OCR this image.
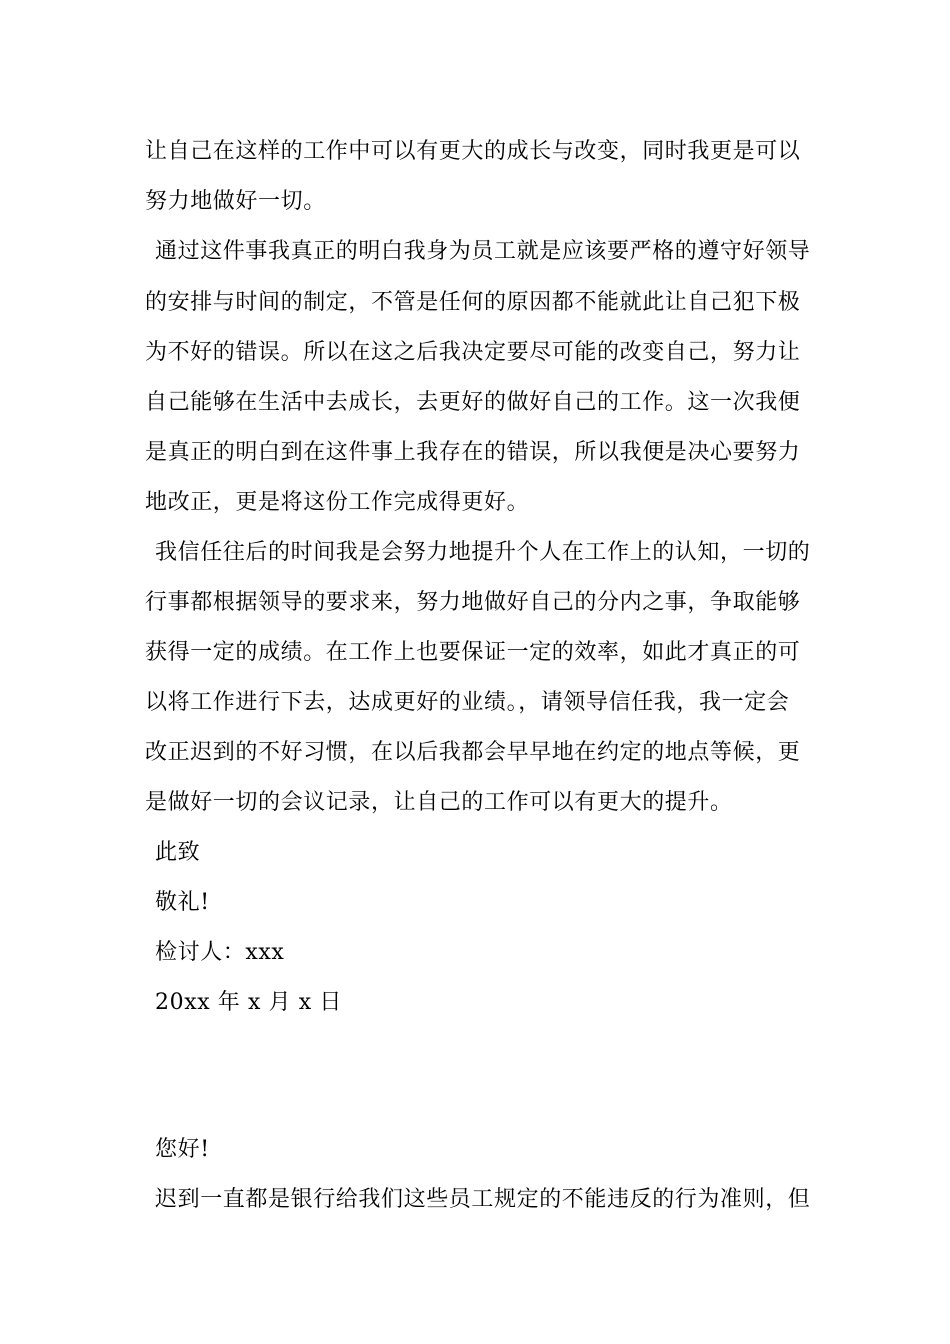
让自己在这样的工作中可以有更大的成长与改变，同时我更是可以
努力地做好一切。
通过这件事我真正的明白我身为员工就是应该要严格的遵守好领导
的安排与时间的制定，不管是任何的原因都不能就此让自己犯下极
为不好的错误。所以在这之后我决定要尽可能的改变自己，努力让
自己能够在生活中去成长，去更好的做好自己的工作。这一次我便
是真正的明白到在这件事上我存在的错误，所以我便是决心要努力
地改正，更是将这份工作完成得更好。
我信任往后的时间我是会努力地提升个人在工作上的认知，一切的
行事都根据领导的要求来，努力地做好自己的分内之事，争取能够
获得一定的成绩。在工作上也要保证一定的效率，如此才真正的可
以将工作进行下去，达成更好的业绩。，请领导信任我，我一定会
改正迟到的不好习惯，在以后我都会早早地在约定的地点等候，更
是做好一切的会议记录，让自己的工作可以有更大的提升。
此致
敬礼!
检讨人：xxx
20xx 年 x 月 x 日
您好!
迟到一直都是银行给我们这些员工规定的不能违反的行为准则，但
